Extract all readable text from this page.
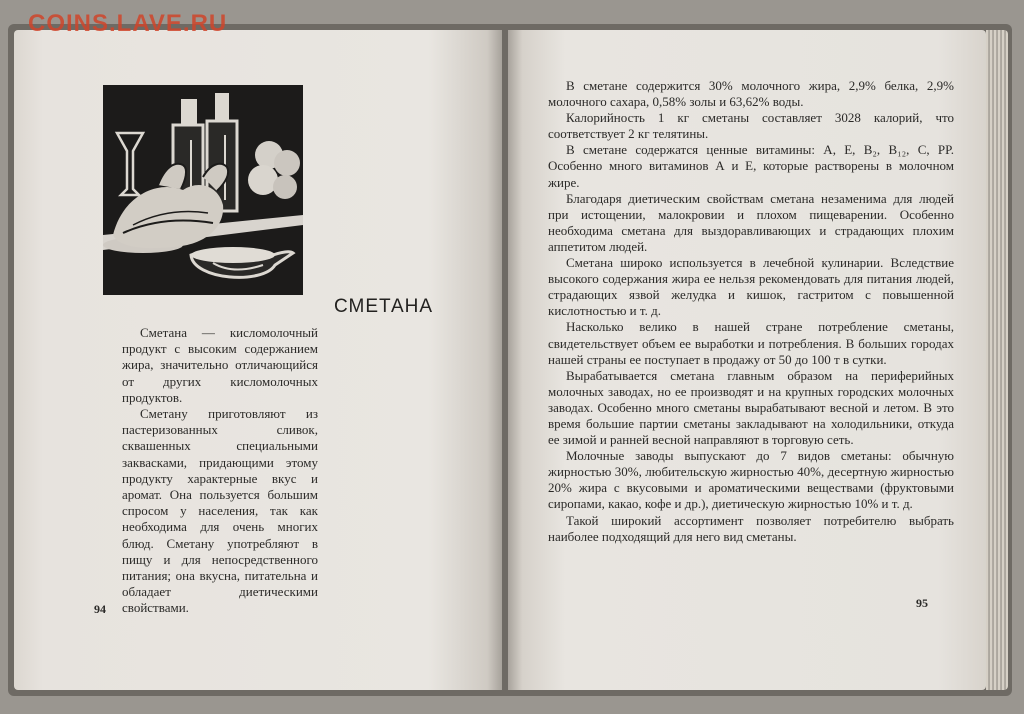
COINS.LAVE.RU
СМЕТАНА

Сметана — кисломолочный продукт с высоким содержанием жира, значительно отличающийся от других кисломолочных продуктов.

Сметану приготовляют из пастеризованных сливок, сквашенных специальными заквасками, придающими этому продукту характерные вкус и аромат. Она пользуется большим спросом у населения, так как необходима для очень многих блюд. Сметану употребляют в пищу и для непосредственного питания; она вкусна, питательна и обладает диетическими свойствами.

94

В сметане содержится 30% молочного жира, 2,9% белка, 2,9% молочного сахара, 0,58% золы и 63,62% воды.

Калорийность 1 кг сметаны составляет 3028 калорий, что соответствует 2 кг телятины.

В сметане содержатся ценные витамины: А, Е, B₂, B₁₂, С, РР. Особенно много витаминов А и Е, которые растворены в молочном жире.

Благодаря диетическим свойствам сметана незаменима для людей при истощении, малокровии и плохом пищеварении. Особенно необходима сметана для выздоравливающих и страдающих плохим аппетитом людей.

Сметана широко используется в лечебной кулинарии. Вследствие высокого содержания жира ее нельзя рекомендовать для питания людей, страдающих язвой желудка и кишок, гастритом с повышенной кислотностью и т. д.

Насколько велико в нашей стране потребление сметаны, свидетельствует объем ее выработки и потребления. В больших городах нашей страны ее поступает в продажу от 50 до 100 т в сутки.

Вырабатывается сметана главным образом на периферийных молочных заводах, но ее производят и на крупных городских молочных заводах. Особенно много сметаны вырабатывают весной и летом. В это время большие партии сметаны закладывают на холодильники, откуда ее зимой и ранней весной направляют в торговую сеть.

Молочные заводы выпускают до 7 видов сметаны: обычную жирностью 30%, любительскую жирностью 40%, десертную жирностью 20% жира с вкусовыми и ароматическими веществами (фруктовыми сиропами, какао, кофе и др.), диетическую жирностью 10% и т. д.

Такой широкий ассортимент позволяет потребителю выбрать наиболее подходящий для него вид сметаны.

95
